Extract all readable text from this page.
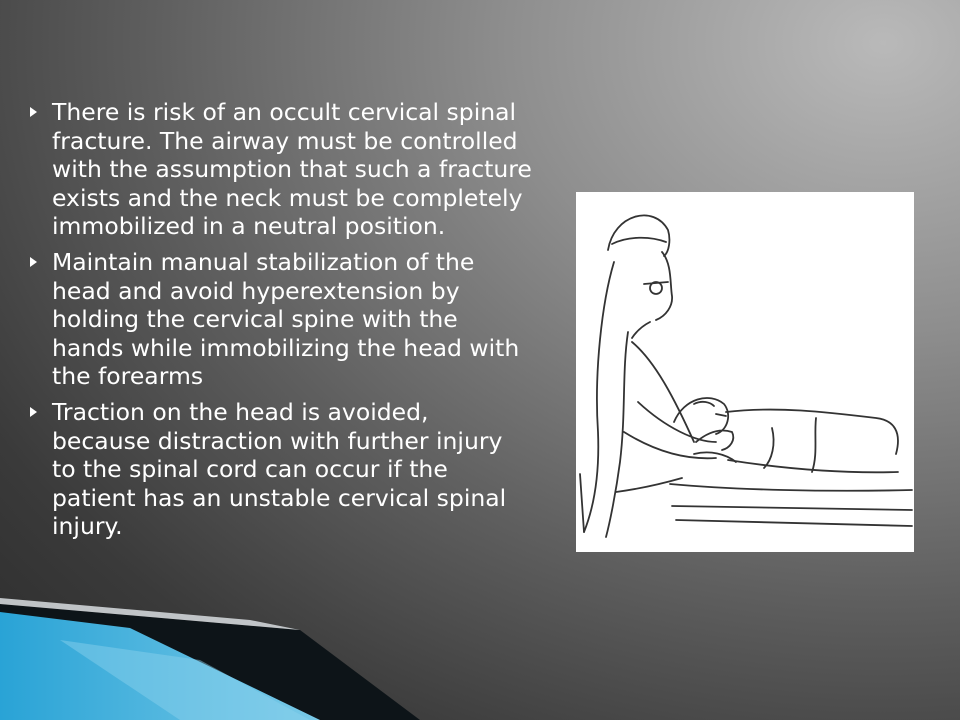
There is risk of an occult cervical spinal fracture. The airway must be controlled with the assumption that such a fracture exists and the neck must be completely immobilized in a neutral position.
Maintain manual stabilization of the head and avoid hyperextension by holding the cervical spine with the hands while immobilizing the head with the forearms
Traction on the head is avoided, because distraction with further injury to the spinal cord can occur if the patient has an unstable cervical spinal injury.
